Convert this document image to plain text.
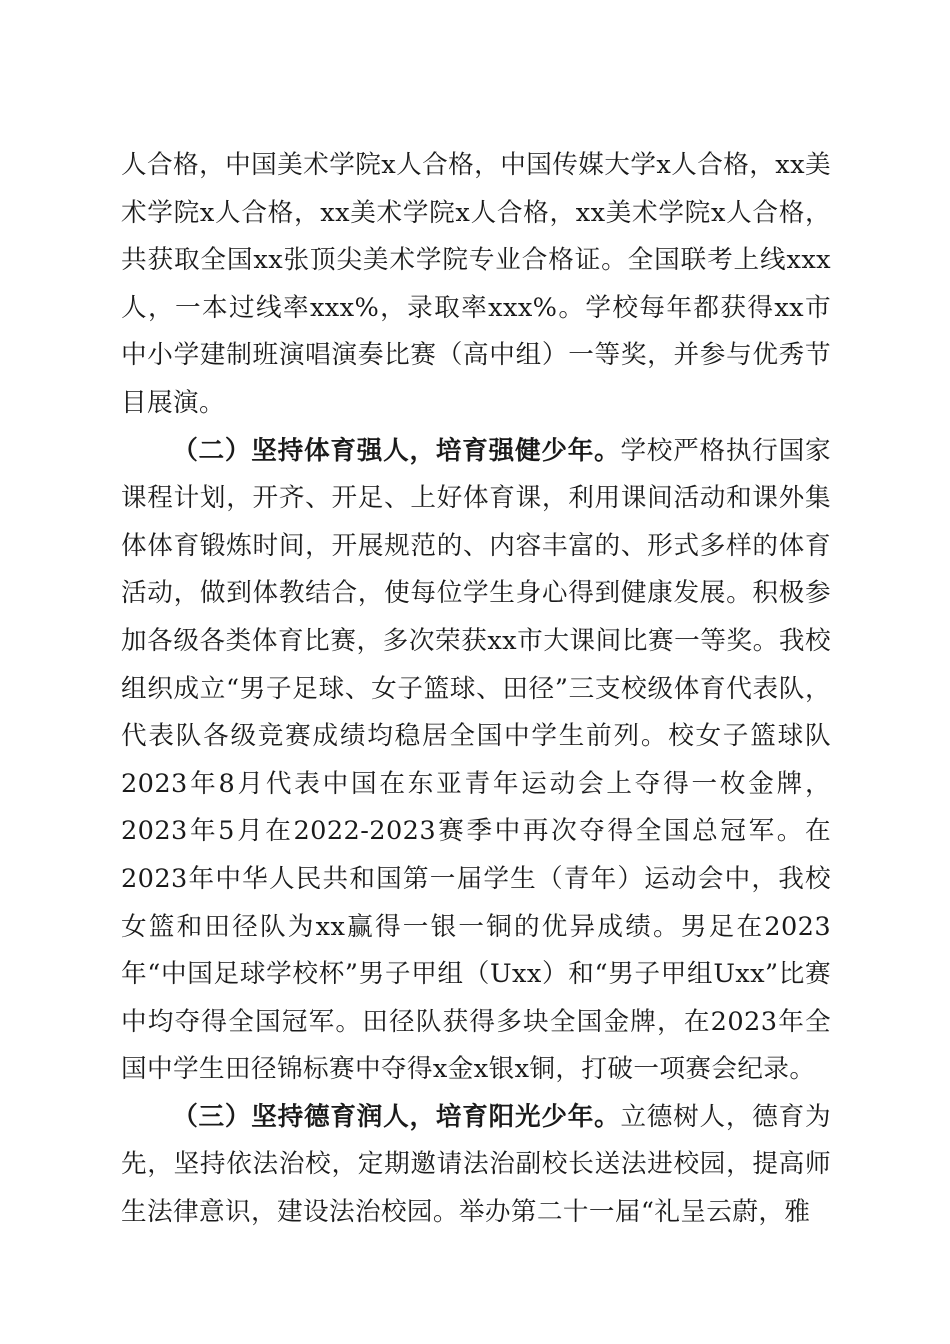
人合格，中国美术学院x人合格，中国传媒大学x人合格，xx美术学院x人合格，xx美术学院x人合格，xx美术学院x人合格，共获取全国xx张顶尖美术学院专业合格证。全国联考上线xxx人，一本过线率xxx%，录取率xxx%。学校每年都获得xx市中小学建制班演唱演奏比赛（高中组）一等奖，并参与优秀节目展演。

（二）坚持体育强人，培育强健少年。学校严格执行国家课程计划，开齐、开足、上好体育课，利用课间活动和课外集体体育锻炼时间，开展规范的、内容丰富的、形式多样的体育活动，做到体教结合，使每位学生身心得到健康发展。积极参加各级各类体育比赛，多次荣获xx市大课间比赛一等奖。我校组织成立“男子足球、女子篮球、田径”三支校级体育代表队，代表队各级竞赛成绩均稳居全国中学生前列。校女子篮球队2023年8月代表中国在东亚青年运动会上夺得一枚金牌，2023年5月在2022-2023赛季中再次夺得全国总冠军。在2023年中华人民共和国第一届学生（青年）运动会中，我校女篮和田径队为xx赢得一银一铜的优异成绩。男足在2023年“中国足球学校杯”男子甲组（Uxx）和“男子甲组Uxx”比赛中均夺得全国冠军。田径队获得多块全国金牌，在2023年全国中学生田径锦标赛中夺得x金x银x铜，打破一项赛会纪录。

（三）坚持德育润人，培育阳光少年。立德树人，德育为先，坚持依法治校，定期邀请法治副校长送法进校园，提高师生法律意识，建设法治校园。举办第二十一届“礼呈云蔚，雅
